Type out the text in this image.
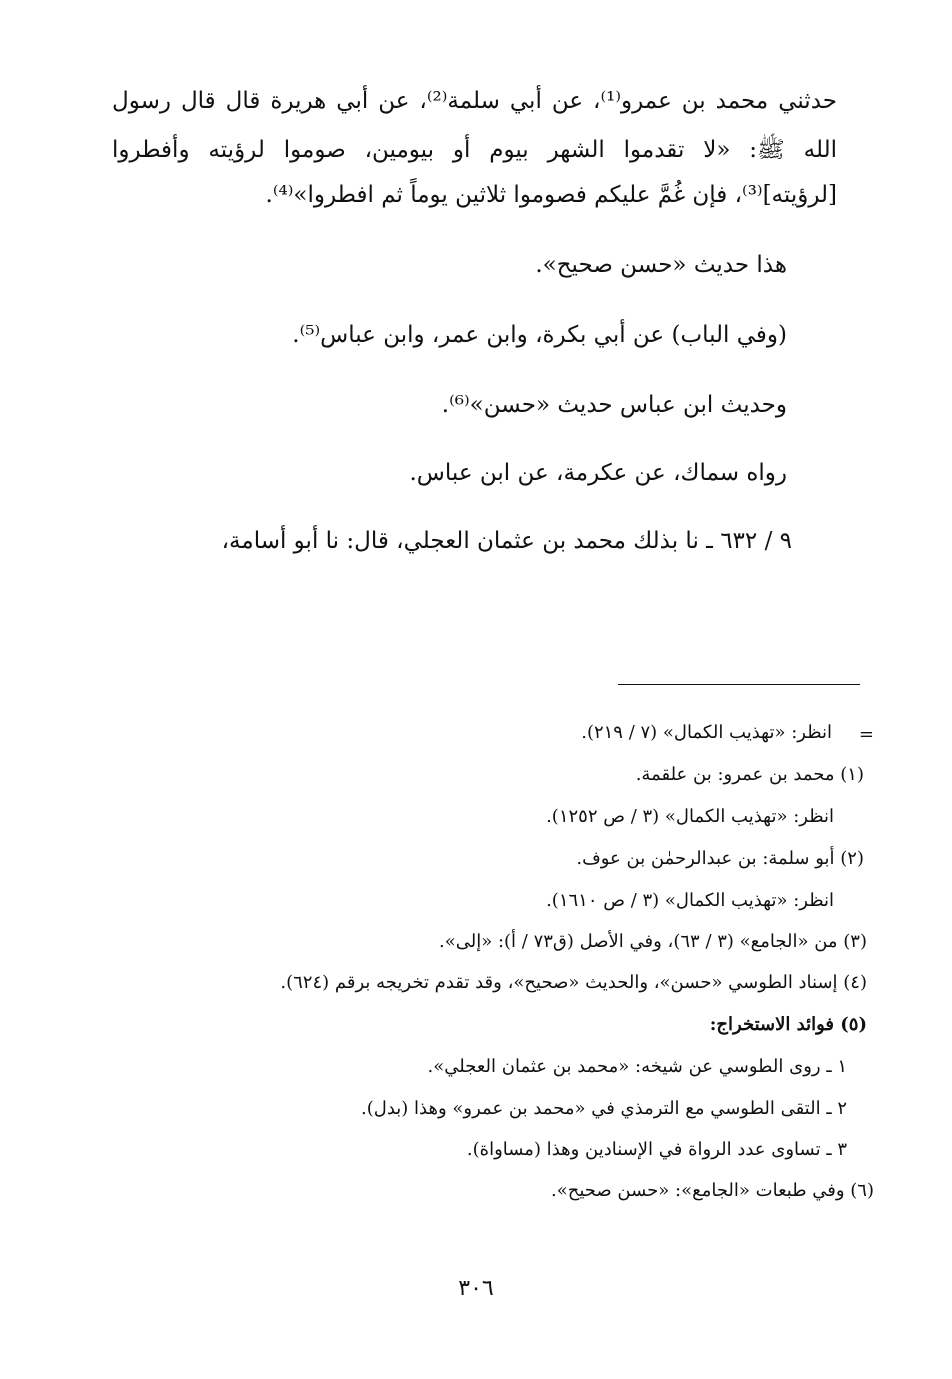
حدثني محمد بن عمرو⁽¹⁾، عن أبي سلمة⁽²⁾، عن أبي هريرة قال قال رسول

الله ﷺ: «لا تقدموا الشهر بيوم أو بيومين، صوموا لرؤيته وأفطروا

[لرؤيته]⁽³⁾، فإن غُمَّ عليكم فصوموا ثلاثين يوماً ثم افطروا»⁽⁴⁾.

هذا حديث «حسن صحيح».

(وفي الباب) عن أبي بكرة، وابن عمر، وابن عباس⁽⁵⁾.

وحديث ابن عباس حديث «حسن»⁽⁶⁾.

رواه سماك، عن عكرمة، عن ابن عباس.

٩ / ٦٣٢ ـ نا بذلك محمد بن عثمان العجلي، قال: نا أبو أسامة،

=

انظر: «تهذيب الكمال» (٧ / ٢١٩).

(١) محمد بن عمرو: بن علقمة.

انظر: «تهذيب الكمال» (٣ / ص ١٢٥٢).

(٢) أبو سلمة: بن عبدالرحمٰن بن عوف.

انظر: «تهذيب الكمال» (٣ / ص ١٦١٠).

(٣) من «الجامع» (٣ / ٦٣)، وفي الأصل (ق٧٣ / أ): «إلى».

(٤) إسناد الطوسي «حسن»، والحديث «صحيح»، وقد تقدم تخريجه برقم (٦٢٤).

(٥) فوائد الاستخراج:

١ ـ روى الطوسي عن شيخه: «محمد بن عثمان العجلي».

٢ ـ التقى الطوسي مع الترمذي في «محمد بن عمرو» وهذا (بدل).

٣ ـ تساوى عدد الرواة في الإسنادين وهذا (مساواة).

(٦) وفي طبعات «الجامع»: «حسن صحيح».

٣٠٦
